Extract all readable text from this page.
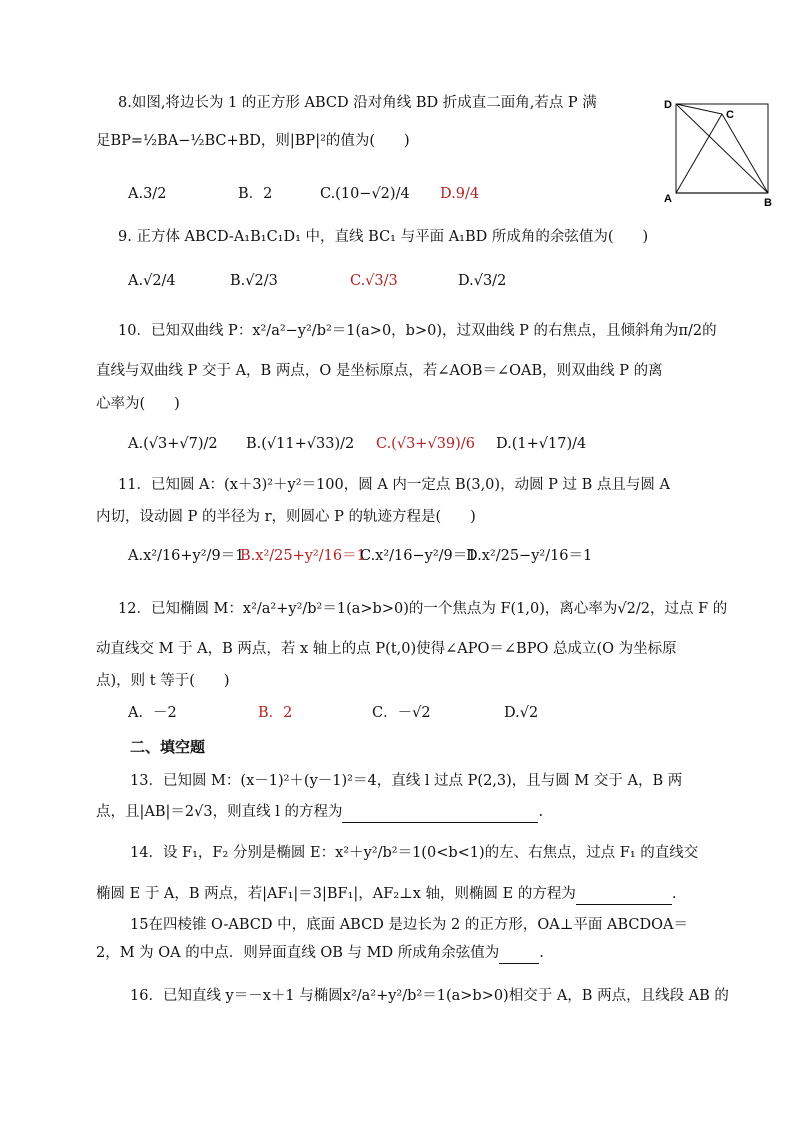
D
C
A	B
8.如图,将边长为 1 的正方形 ABCD 沿对角线 BD 折成直二面角,若点 P 满
足BP=½BA−½BC+BD，则|BP|²的值为(　　)
A.3/2	B．2	C.(10−√2)/4 D.9/4
9. 正方体 ABCD-A₁B₁C₁D₁ 中，直线 BC₁ 与平面 A₁BD 所成角的余弦值为(　　)
A.√2/4	B.√2/3	C.√3/3	D.√3/2
10．已知双曲线 P：x²/a²−y²/b²＝1(a>0，b>0)，过双曲线 P 的右焦点，且倾斜角为π/2的
直线与双曲线 P 交于 A，B 两点，O 是坐标原点，若∠AOB＝∠OAB，则双曲线 P 的离
心率为(　　)
A.(√3+√7)/2 B.(√11+√33)/2 C.(√3+√39)/6 D.(1+√17)/4
11．已知圆 A：(x＋3)²＋y²＝100，圆 A 内一定点 B(3,0)，动圆 P 过 B 点且与圆 A
内切，设动圆 P 的半径为 r，则圆心 P 的轨迹方程是(　　)
A.x²/16+y²/9＝1
B.x²/25+y²/16＝1
C.x²/16−y²/9＝1
D.x²/25−y²/16＝1
12．已知椭圆 M：x²/a²+y²/b²＝1(a>b>0)的一个焦点为 F(1,0)，离心率为√2/2，过点 F 的
动直线交 M 于 A，B 两点，若 x 轴上的点 P(t,0)使得∠APO＝∠BPO 总成立(O 为坐标原
点)，则 t 等于(　　)
A．－2	B．2	C．－√2	D.√2
二、填空题
13．已知圆 M：(x－1)²＋(y－1)²＝4，直线 l 过点 P(2,3)，且与圆 M 交于 A，B 两
点，且|AB|＝2√3，则直线 l 的方程为	.
14．设 F₁，F₂ 分别是椭圆 E：x²＋y²/b²＝1(0<b<1)的左、右焦点，过点 F₁ 的直线交
椭圆 E 于 A，B 两点，若|AF₁|＝3|BF₁|，AF₂⊥x 轴，则椭圆 E 的方程为	.
15在四棱锥 O-ABCD 中，底面 ABCD 是边长为 2 的正方形，OA⊥平面 ABCDOA＝
2，M 为 OA 的中点．则异面直线 OB 与 MD 所成角余弦值为	.
16．已知直线 y＝－x＋1 与椭圆x²/a²+y²/b²＝1(a>b>0)相交于 A，B 两点，且线段 AB 的
